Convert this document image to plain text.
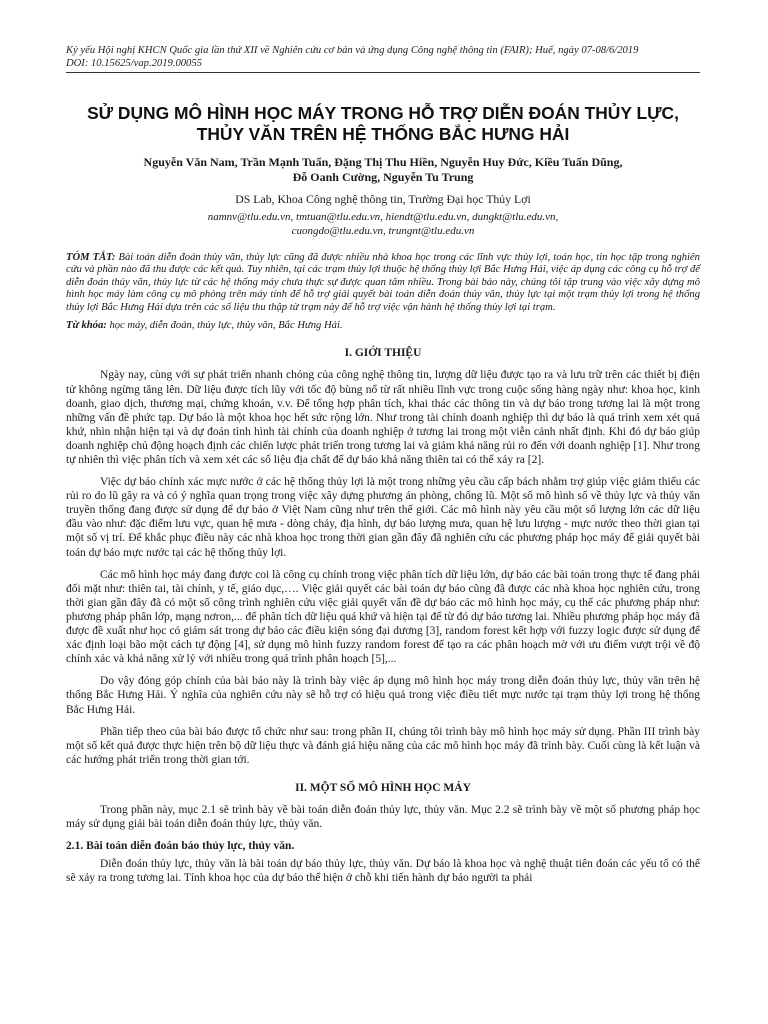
Kỷ yếu Hội nghị KHCN Quốc gia lần thứ XII về Nghiên cứu cơ bản và ứng dụng Công nghệ thông tin (FAIR); Huế, ngày 07-08/6/2019
DOI: 10.15625/vap.2019.00055
SỬ DỤNG MÔ HÌNH HỌC MÁY TRONG HỖ TRỢ DIỄN ĐOÁN THỦY LỰC,
THỦY VĂN TRÊN HỆ THỐNG BẮC HƯNG HẢI
Nguyễn Văn Nam, Trần Mạnh Tuấn, Đặng Thị Thu Hiền, Nguyễn Huy Đức, Kiều Tuấn Dũng,
Đỗ Oanh Cường, Nguyễn Tu Trung
DS Lab, Khoa Công nghệ thông tin, Trường Đại học Thủy Lợi
namnv@tlu.edu.vn, tmtuan@tlu.edu.vn, hiendt@tlu.edu.vn, dungkt@tlu.edu.vn,
cuongdo@tlu.edu.vn, trungnt@tlu.edu.vn
TÓM TẮT: Bài toán diễn đoán thủy văn, thủy lực cũng đã được nhiều nhà khoa học trong các lĩnh vực thủy lợi, toán học, tin học tập trong nghiên cứu và phần nào đã thu được các kết quả. Tuy nhiên, tại các trạm thủy lợi thuộc hệ thống thủy lợi Bắc Hưng Hải, việc áp dụng các công cụ hỗ trợ để diễn đoán thủy văn, thủy lực từ các hệ thống máy chưa thực sự được quan tâm nhiều. Trong bài báo này, chúng tôi tập trung vào việc xây dựng mô hình học máy làm công cụ mô phỏng trên máy tính để hỗ trợ giải quyết bài toán diễn đoán thủy văn, thủy lực tại một trạm thủy lợi trong hệ thống thủy lợi Bắc Hưng Hải dựa trên các số liệu thu thập từ trạm này để hỗ trợ việc vận hành hệ thống thủy lợi tại trạm.
Từ khóa: học máy, diễn đoán, thủy lực, thủy văn, Bắc Hưng Hải.
I. GIỚI THIỆU

Ngày nay, cùng với sự phát triển nhanh chóng của công nghệ thông tin, lượng dữ liệu được tạo ra và lưu trữ trên các thiết bị điện tử không ngừng tăng lên. Dữ liệu được tích lũy với tốc độ bùng nổ từ rất nhiều lĩnh vực trong cuộc sống hàng ngày như: khoa học, kinh doanh, giao dịch, thương mại, chứng khoán, v.v. Để tổng hợp phân tích, khai thác các thông tin và dự báo trong tương lai là một trong những vấn đề phức tạp. Dự báo là một khoa học hết sức rộng lớn. Như trong tài chính doanh nghiệp thì dự báo là quá trình xem xét quá khứ, nhìn nhận hiện tại và dự đoán tình hình tài chính của doanh nghiệp ở tương lai trong một viễn cảnh nhất định. Khi đó dự báo giúp doanh nghiệp chủ động hoạch định các chiến lược phát triển trong tương lai và giảm khả năng rủi ro đến với doanh nghiệp [1]. Như trong tự nhiên thì việc phân tích và xem xét các số liệu địa chất để dự báo khả năng thiên tai có thể xảy ra [2].

Việc dự báo chính xác mực nước ở các hệ thống thủy lợi là một trong những yêu cầu cấp bách nhằm trợ giúp việc giảm thiểu các rủi ro do lũ gây ra và có ý nghĩa quan trọng trong việc xây dựng phương án phòng, chống lũ. Một số mô hình số về thủy lực và thủy văn truyền thống đang được sử dụng để dự báo ở Việt Nam cũng như trên thế giới. Các mô hình này yêu cầu một số lượng lớn các dữ liệu đầu vào như: đặc điểm lưu vực, quan hệ mưa - dòng chảy, địa hình, dự báo lượng mưa, quan hệ lưu lượng - mực nước theo thời gian tại một số vị trí. Để khắc phục điều này các nhà khoa học trong thời gian gần đây đã nghiên cứu các phương pháp học máy để giải quyết bài toán dự báo mực nước tại các hệ thống thủy lợi.

Các mô hình học máy đang được coi là công cụ chính trong việc phân tích dữ liệu lớn, dự báo các bài toán trong thực tế đang phải đối mặt như: thiên tai, tài chính, y tế, giáo dục,…. Việc giải quyết các bài toán dự báo cũng đã được các nhà khoa học nghiên cứu, trong thời gian gần đây đã có một số công trình nghiên cứu việc giải quyết vấn đề dự báo các mô hình học máy, cụ thể các phương pháp như: phương pháp phân lớp, mạng nơron,... để phân tích dữ liệu quá khứ và hiện tại để từ đó dự báo tương lai. Nhiều phương pháp học máy đã được đề xuất như học có giám sát trong dự báo các điều kiện sóng đại dương [3], random forest kết hợp với fuzzy logic được sử dụng để xác định loại bão một cách tự động [4], sử dụng mô hình fuzzy random forest để tạo ra các phân hoạch mờ với ưu điểm vượt trội về độ chính xác và khả năng xử lý với nhiều trong quá trình phân hoạch [5],...

Do vậy đóng góp chính của bài báo này là trình bày việc áp dụng mô hình học máy trong diễn đoán thủy lực, thủy văn trên hệ thống Bắc Hưng Hải. Ý nghĩa của nghiên cứu này sẽ hỗ trợ có hiệu quả trong việc điều tiết mực nước tại trạm thủy lợi trong hệ thống Bắc Hưng Hải.

Phần tiếp theo của bài báo được tổ chức như sau: trong phần II, chúng tôi trình bày mô hình học máy sử dụng. Phần III trình bày một số kết quả được thực hiện trên bộ dữ liệu thực và đánh giá hiệu năng của các mô hình học máy đã trình bày. Cuối cùng là kết luận và các hướng phát triển trong thời gian tới.

II. MỘT SỐ MÔ HÌNH HỌC MÁY

Trong phần này, mục 2.1 sẽ trình bày về bài toán diễn đoán thủy lực, thủy văn. Mục 2.2 sẽ trình bày về một số phương pháp học máy sử dụng giải bài toán diễn đoán thủy lực, thủy văn.

2.1. Bài toán diễn đoán báo thủy lực, thủy văn.

Diễn đoán thủy lực, thủy văn là bài toán dự báo thủy lực, thủy văn. Dự báo là khoa học và nghệ thuật tiên đoán các yếu tố có thể sẽ xảy ra trong tương lai. Tính khoa học của dự báo thể hiện ở chỗ khi tiến hành dự báo người ta phải
